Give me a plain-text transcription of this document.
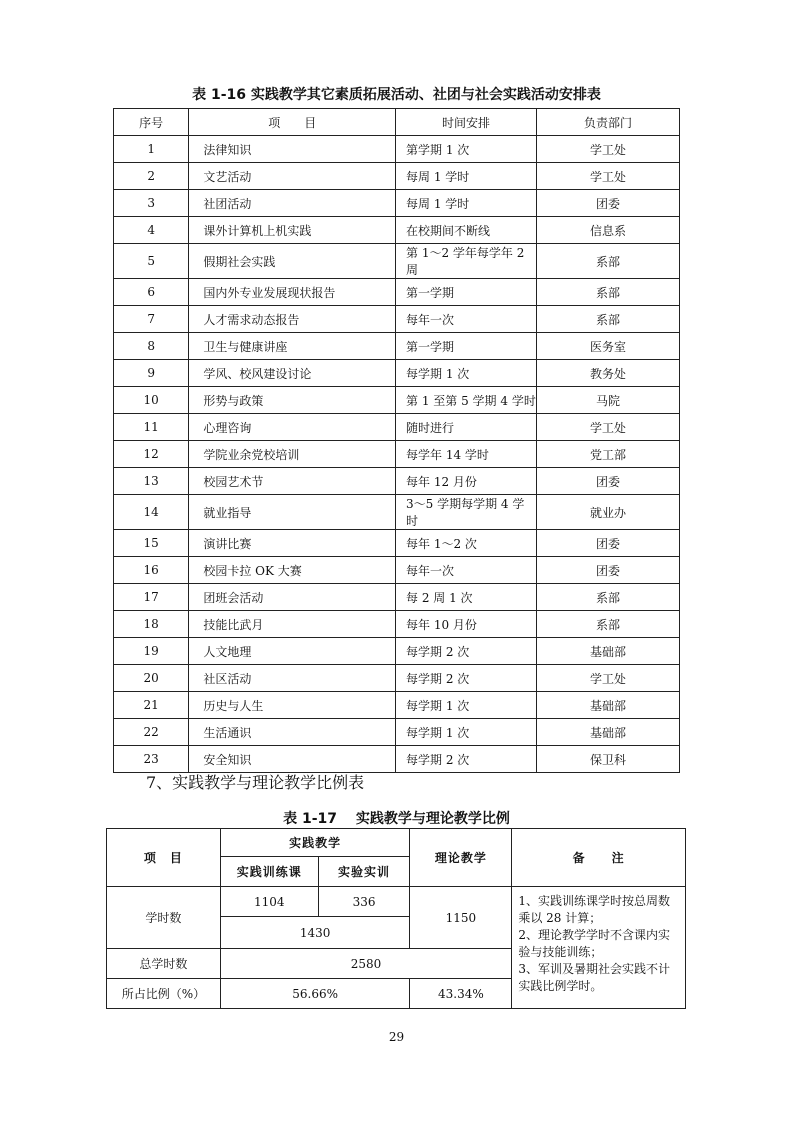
表 1-16 实践教学其它素质拓展活动、社团与社会实践活动安排表
序号	项　　目	时间安排	负责部门
1	法律知识	第学期 1 次	学工处
2	文艺活动	每周 1 学时	学工处
3	社团活动	每周 1 学时	团委
4	课外计算机上机实践	在校期间不断线	信息系
5	假期社会实践	第 1～2 学年每学年 2 周	系部
6	国内外专业发展现状报告	第一学期	系部
7	人才需求动态报告	每年一次	系部
8	卫生与健康讲座	第一学期	医务室
9	学风、校风建设讨论	每学期 1 次	教务处
10	形势与政策	第 1 至第 5 学期 4 学时	马院
11	心理咨询	随时进行	学工处
12	学院业余党校培训	每学年 14 学时	党工部
13	校园艺术节	每年 12 月份	团委
14	就业指导	3～5 学期每学期 4 学时	就业办
15	演讲比赛	每年 1～2 次	团委
16	校园卡拉 OK 大赛	每年一次	团委
17	团班会活动	每 2 周 1 次	系部
18	技能比武月	每年 10 月份	系部
19	人文地理	每学期 2 次	基础部
20	社区活动	每学期 2 次	学工处
21	历史与人生	每学期 1 次	基础部
22	生活通识	每学期 1 次	基础部
23	安全知识	每学期 2 次	保卫科
7、实践教学与理论教学比例表
表 1-17　 实践教学与理论教学比例
项　目	实践教学		理论教学	备　　注
	实践训练课	实验实训		
学时数	1104	336	1150	1、实践训练课学时按总周数乘以 28 计算；
2、理论教学学时不含课内实验与技能训练；
3、军训及暑期社会实践不计实践比例学时。

	1430			
总学时数	2580			
所占比例（%）	56.66%		43.34%	
29
